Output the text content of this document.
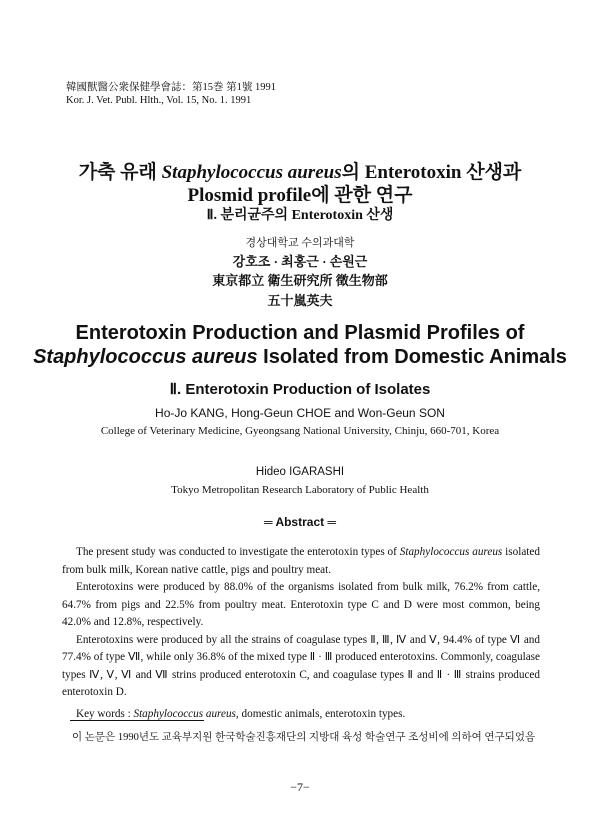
韓國獸醫公衆保健學會誌：第15巻 第1號 1991
Kor. J. Vet. Publ. Hlth., Vol. 15, No. 1. 1991
가축 유래 Staphylococcus aureus의 Enterotoxin 산생과
Plosmid profile에 관한 연구
Ⅱ. 분리균주의 Enterotoxin 산생
경상대학교 수의과대학
강호조 · 최홍근 · 손원근
東京都立 衛生研究所 徵生物部
五十嵐英夫
Enterotoxin Production and Plasmid Profiles of
Staphylococcus aureus Isolated from Domestic Animals
Ⅱ. Enterotoxin Production of Isolates
Ho-Jo KANG, Hong-Geun CHOE and Won-Geun SON
College of Veterinary Medicine, Gyeongsang National University, Chinju, 660-701, Korea
Hideo IGARASHI
Tokyo Metropolitan Research Laboratory of Public Health
═ Abstract ═

The present study was conducted to investigate the enterotoxin types of Staphylococcus aureus isolated from bulk milk, Korean native cattle, pigs and poultry meat.

Enterotoxins were produced by 88.0% of the organisms isolated from bulk milk, 76.2% from cattle, 64.7% from pigs and 22.5% from poultry meat. Enterotoxin type C and D were most common, being 42.0% and 12.8%, respectively.

Enterotoxins were produced by all the strains of coagulase types Ⅱ, Ⅲ, Ⅳ and Ⅴ, 94.4% of type Ⅵ and 77.4% of type Ⅶ, while only 36.8% of the mixed type Ⅱ · Ⅲ produced enterotoxins. Commonly, coagulase types Ⅳ, Ⅴ, Ⅵ and Ⅶ strins produced enterotoxin C, and coagulase types Ⅱ and Ⅱ · Ⅲ strains produced enterotoxin D.

Key words : Staphylococcus aureus, domestic animals, enterotoxin types.

이 논문은 1990년도 교육부지원 한국학술진흥재단의 지방대 육성 학술연구 조성비에 의하여 연구되었음
−7−
